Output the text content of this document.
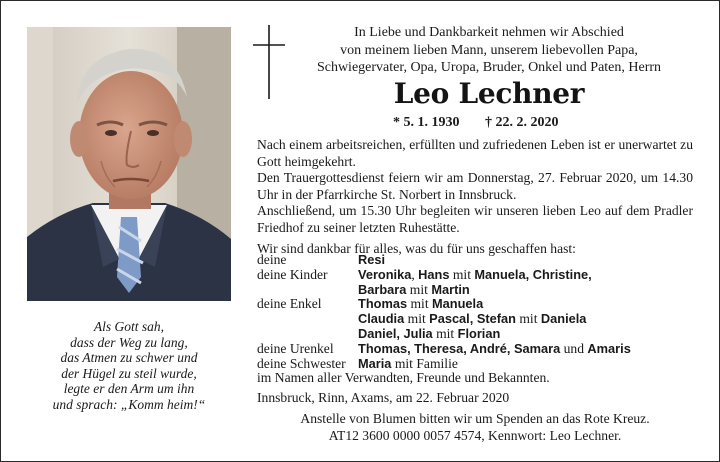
Als Gott sah,
dass der Weg zu lang,
das Atmen zu schwer und
der Hügel zu steil wurde,
legte er den Arm um ihn
und sprach: „Komm heim!“
In Liebe und Dankbarkeit nehmen wir Abschied
von meinem lieben Mann, unserem liebevollen Papa,
Schwiegervater, Opa, Uropa, Bruder, Onkel und Paten, Herrn
Leo Lechner
* 5. 1. 1930 † 22. 2. 2020

Nach einem arbeitsreichen, erfüllten und zufriedenen Leben ist er unerwartet zu Gott heimgekehrt.

Den Trauergottesdienst feiern wir am Donnerstag, 27. Februar 2020, um 14.30 Uhr in der Pfarrkirche St. Norbert in Innsbruck.

Anschließend, um 15.30 Uhr begleiten wir unseren lieben Leo auf dem Pradler Friedhof zu seiner letzten Ruhestätte.

Wir sind dankbar für alles, was du für uns geschaffen hast:

deine	Resi
deine Kinder	Veronika, Hans mit Manuela, Christine,
Barbara mit Martin
deine Enkel	Thomas mit Manuela
Claudia mit Pascal, Stefan mit Daniela
Daniel, Julia mit Florian
deine Urenkel	Thomas, Theresa, André, Samara und Amaris
deine Schwester Maria mit Familie
im Namen aller Verwandten, Freunde und Bekannten.
Innsbruck, Rinn, Axams, am 22. Februar 2020
Anstelle von Blumen bitten wir um Spenden an das Rote Kreuz.
AT12 3600 0000 0057 4574, Kennwort: Leo Lechner.
